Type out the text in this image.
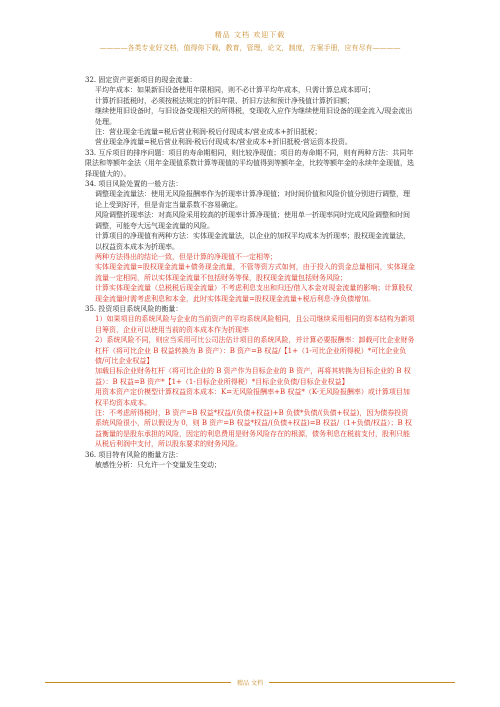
精品 文档 欢迎下载
————各类专业好文档，值得你下载，教育，管理，论文，制度，方案手册，应有尽有————

32. 固定资产更新项目的现金流量：

平均年成本：如果新旧设备使用年限相同，则不必计算平均年成本，只需计算总成本即可；

计算折旧抵税时，必须按税法规定的折旧年限、折旧方法和预计净残值计算折旧额；

继续使用旧设备时，与旧设备变现相关的所得税，变现收入应作为继续使用旧设备的现金流入/现金流出处理。

注：营业现金毛流量=税后营业利润-税后付现成本/营业成本+折旧抵税；

营业现金净流量=税后营业利润-税后付现成本/营业成本+折旧抵税-营运资本投资。

33. 互斥项目的排序问题：项目的寿命期相同，则比较净现值；项目的寿命期不同，则有两种方法：共同年限法和等额年金法（用年金现值系数计算等现值的平均值得到等额年金，比较等额年金的永续年金现值，选择现值大的）。

34. 项目风险处置的一般方法：

调整现金流量法：使用无风险报酬率作为折现率计算净现值；对时间价值和风险价值分别进行调整，理论上受到好评，但是肯定当量系数不容易确定。

风险调整折现率法：对高风险采用较高的折现率计算净现值；使用单一折现率同时完成风险调整和时间调整，可能夸大远气现金流量的风险。

计算项目的净现值有两种方法：实体现金流量法，以企业的加权平均成本为折现率；股权现金流量法，以权益资本成本为折现率。

两种方法得出的结论一致，但是计算的净现值不一定相等；

实体现金流量=股权现金流量+债务现金流量，不管等资方式如何，由于投入的资金总量相同，实体现金流量一定相同，所以实体现金流量不包括财务等保，股权现金流量包括财务风险；

计算实体现金流量（总税税后现金流量）不考虑利息支出和归还/借入本金对现金流量的影响；计算股权现金流量时需考虑利息和本金，此时实体现金流量=股权现金流量+税后利息-净负债增加。

35. 投资项目系统风险的衡量：

1）如果项目的系统风险与企业的当前资产的平均系统风险相同，且公司继续采用相同的资本结构为新项目筹资，企业可以使用当前的资本成本作为折现率

2）系统风险不同，则应当采用可比公司法估计项目的系统风险，并计算必要报酬率：卸载可比企业财务杠杆（将可比企业 B 权益转换为 B 资产）：B 资产=B 权益/【1+（1-可比企业所得税）*可比企业负债/可比企业权益】

加载目标企业财务杠杆（将可比企业的 B 资产作为目标企业的 B 资产，再将其转换为目标企业的 B 权益）：B 权益=B 资产*【1+（1-目标企业所得税）*目标企业负债/目标企业权益】

用资本资产定价模型计算权益资本成本：K=无风险报酬率+B 权益*（K-无风险报酬率）或计算项目加权平均资本成本。

注：不考虑所得税时，B 资产=B 权益*权益/(负债+权益)+B 负债*负债/(负债+权益)，因为债券投资系统风险很小，所以假设为 0，则 B 资产=B 权益*权益/(负债+权益)=B 权益/（1+负债/权益）；B 权益衡量的是股东承担的风险，因定的利息费用是财务风险存在的根源，债务利息在税前支付，股利只能从税后利润中支付，所以股东要求的财务风险。

36. 项目特有风险的衡量方法：

敏感性分析：只允许一个变量发生变动；

精品 文档
